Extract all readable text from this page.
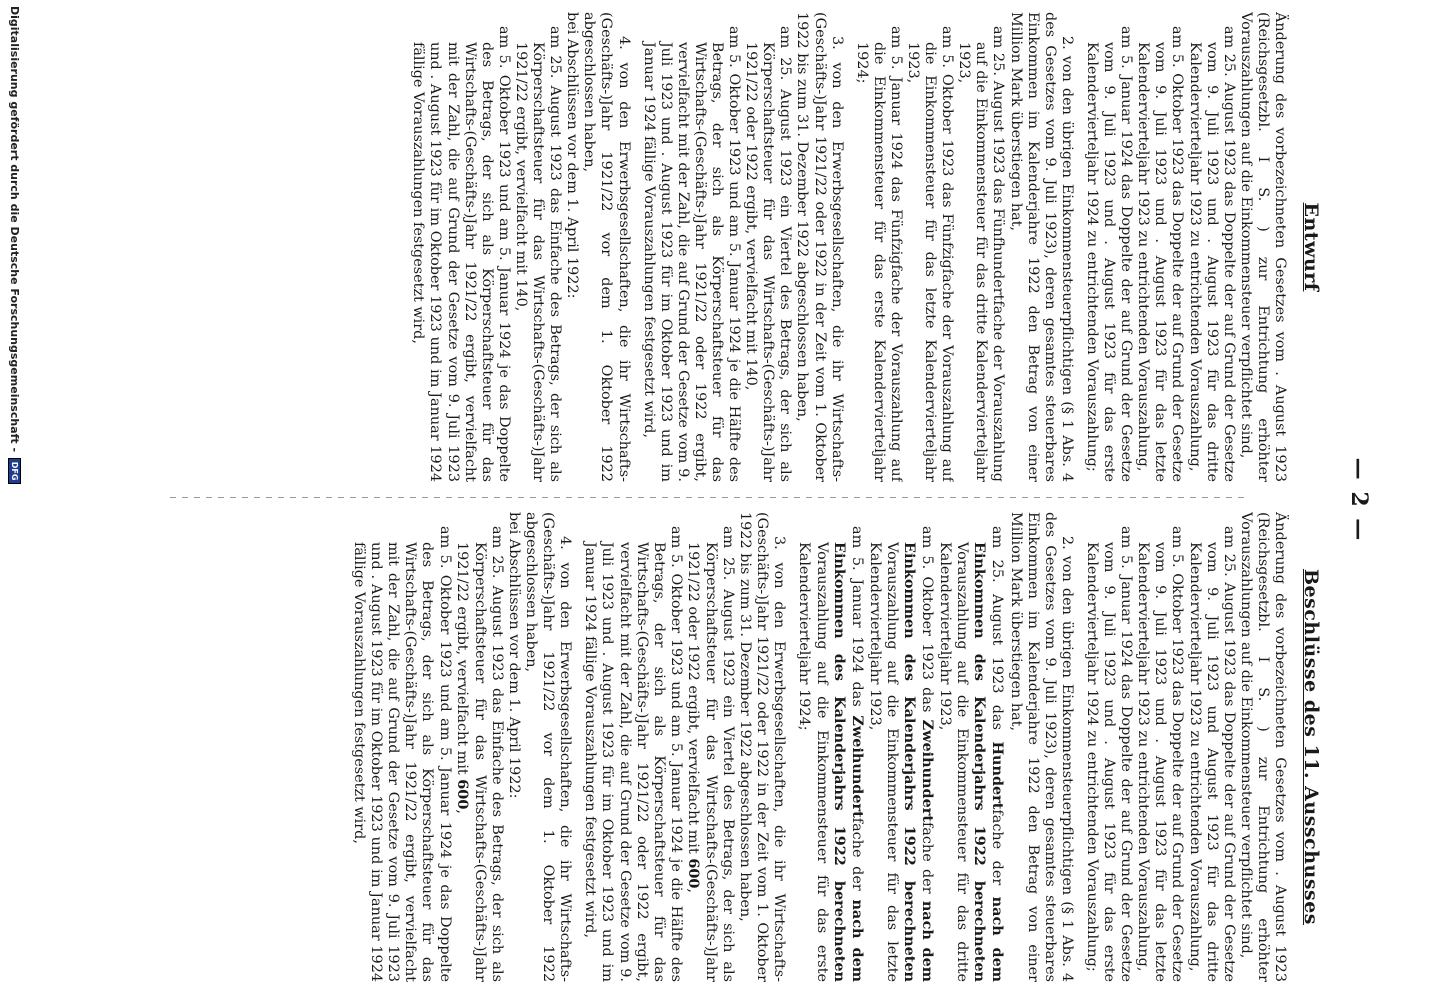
— 2 —
Entwurf

Änderung des vorbezeichneten Gesetzes vom . August 1923 (Reichsgesetzbl. I S. ) zur Entrichtung erhöhter Vorauszahlungen auf die Einkommensteuer verpflichtet sind,

am 25. August 1923 das Doppelte der auf Grund der Gesetze vom 9. Juli 1923 und . August 1923 für das dritte Kalendervierteljahr 1923 zu entrichtenden Vorauszahlung,

am 5. Oktober 1923 das Doppelte der auf Grund der Gesetze vom 9. Juli 1923 und . August 1923 für das letzte Kalendervierteljahr 1923 zu entrichtenden Vorauszahlung,

am 5. Januar 1924 das Doppelte der auf Grund der Gesetze vom 9. Juli 1923 und . August 1923 für das erste Kalendervierteljahr 1924 zu entrichtenden Vorauszahlung;

2. von den übrigen Einkommensteuerpflichtigen (§ 1 Abs. 4 des Gesetzes vom 9. Juli 1923), deren gesamtes steuerbares Einkommen im Kalenderjahre 1922 den Betrag von einer Million Mark überstiegen hat,

am 25. August 1923 das Fünfhundertfache der Vorauszahlung auf die Einkommensteuer für das dritte Kalendervierteljahr 1923,

am 5. Oktober 1923 das Fünfzigfache der Vorauszahlung auf die Einkommensteuer für das letzte Kalendervierteljahr 1923,

am 5. Januar 1924 das Fünfzigfache der Vorauszahlung auf die Einkommensteuer für das erste Kalendervierteljahr 1924;

3. von den Erwerbsgesellschaften, die ihr Wirtschafts-(Geschäfts-)Jahr 1921/22 oder 1922 in der Zeit vom 1. Oktober 1922 bis zum 31. Dezember 1922 abgeschlossen haben,

am 25. August 1923 ein Viertel des Betrags, der sich als Körperschaftsteuer für das Wirtschafts-(Geschäfts-)Jahr 1921/22 oder 1922 ergibt, vervielfacht mit 140,

am 5. Oktober 1923 und am 5. Januar 1924 je die Hälfte des Betrags, der sich als Körperschaftsteuer für das Wirtschafts-(Geschäfts-)Jahr 1921/22 oder 1922 ergibt, vervielfacht mit der Zahl, die auf Grund der Gesetze vom 9. Juli 1923 und . August 1923 für im Oktober 1923 und im Januar 1924 fällige Vorauszahlungen festgesetzt wird,

4. von den Erwerbsgesellschaften, die ihr Wirtschafts-(Geschäfts-)Jahr 1921/22 vor dem 1. Oktober 1922 abgeschlossen haben,

bei Abschlüssen vor dem 1. April 1922:

am 25. August 1923 das Einfache des Betrags, der sich als Körperschaftsteuer für das Wirtschafts-(Geschäfts-)Jahr 1921/22 ergibt, vervielfacht mit 140,

am 5. Oktober 1923 und am 5. Januar 1924 je das Doppelte des Betrags, der sich als Körperschaftsteuer für das Wirtschafts-(Geschäfts-)Jahr 1921/22 ergibt, vervielfacht mit der Zahl, die auf Grund der Gesetze vom 9. Juli 1923 und . August 1923 für im Oktober 1923 und im Januar 1924 fällige Vorauszahlungen festgesetzt wird,

Beschlüsse des 11. Ausschusses

Änderung des vorbezeichneten Gesetzes vom . August 1923 (Reichsgesetzbl. I S. ) zur Entrichtung erhöhter Vorauszahlungen auf die Einkommensteuer verpflichtet sind,

am 25. August 1923 das Doppelte der auf Grund der Gesetze vom 9. Juli 1923 und August 1923 für das dritte Kalendervierteljahr 1923 zu entrichtenden Vorauszahlung,

am 5. Oktober 1923 das Doppelte der auf Grund der Gesetze vom 9. Juli 1923 und . August 1923 für das letzte Kalendervierteljahr 1923 zu entrichtenden Vorauszahlung,

am 5. Januar 1924 das Doppelte der auf Grund der Gesetze vom 9. Juli 1923 und . August 1923 für das erste Kalendervierteljahr 1924 zu entrichtenden Vorauszahlung;

2. von den übrigen Einkommensteuerpflichtigen (§ 1 Abs. 4 des Gesetzes vom 9. Juli 1923), deren gesamtes steuerbares Einkommen im Kalenderjahre 1922 den Betrag von einer Million Mark überstiegen hat,

am 25. August 1923 das Hundertfache der nach dem Einkommen des Kalenderjahrs 1922 berechneten Vorauszahlung auf die Einkommensteuer für das dritte Kalendervierteljahr 1923,

am 5. Oktober 1923 das Zweihundertfache der nach dem Einkommen des Kalenderjahrs 1922 berechneten Vorauszahlung auf die Einkommensteuer für das letzte Kalendervierteljahr 1923,

am 5. Januar 1924 das Zweihundertfache der nach dem Einkommen des Kalenderjahrs 1922 berechneten Vorauszahlung auf die Einkommensteuer für das erste Kalendervierteljahr 1924;

3. von den Erwerbsgesellschaften, die ihr Wirtschafts-(Geschäfts-)Jahr 1921/22 oder 1922 in der Zeit vom 1. Oktober 1922 bis zum 31. Dezember 1922 abgeschlossen haben,

am 25. August 1923 ein Viertel des Betrags, der sich als Körperschaftsteuer für das Wirtschafts-(Geschäfts-)Jahr 1921/22 oder 1922 ergibt, vervielfacht mit 600,

am 5. Oktober 1923 und am 5. Januar 1924 je die Hälfte des Betrags, der sich als Körperschaftsteuer für das Wirtschafts-(Geschäfts-)Jahr 1921/22 oder 1922 ergibt, vervielfacht mit der Zahl, die auf Grund der Gesetze vom 9. Juli 1923 und . August 1923 für im Oktober 1923 und im Januar 1924 fällige Vorauszahlungen festgesetzt wird,

4. von den Erwerbsgesellschaften, die ihr Wirtschafts-(Geschäfts-)Jahr 1921/22 vor dem 1. Oktober 1922 abgeschlossen haben,

bei Abschlüssen vor dem 1. April 1922:

am 25. August 1923 das Einfache des Betrags, der sich als Körperschaftsteuer für das Wirtschafts-(Geschäfts-)Jahr 1921/22 ergibt, vervielfacht mit 600,

am 5. Oktober 1923 und am 5. Januar 1924 je das Doppelte des Betrags, der sich als Körperschaftsteuer für das Wirtschafts-(Geschäfts-)Jahr 1921/22 ergibt, vervielfacht mit der Zahl, die auf Grund der Gesetze vom 9. Juli 1923 und . August 1923 für im Oktober 1923 und im Januar 1924 fällige Vorauszahlungen festgesetzt wird,

Digitalisierung gefördert durch die Deutsche Forschungsgemeinschaft -
DFG
